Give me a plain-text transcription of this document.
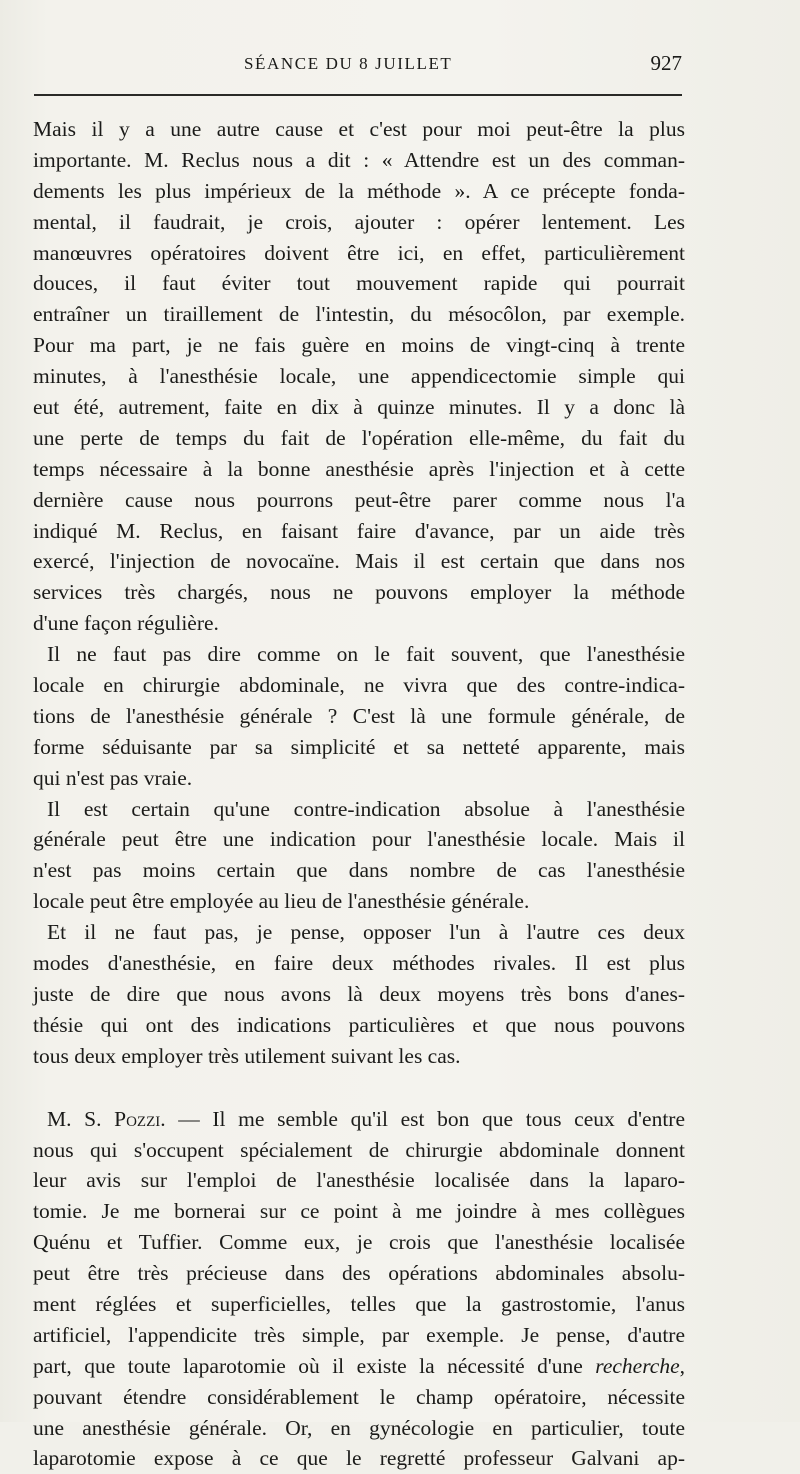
SÉANCE DU 8 JUILLET	927
Mais il y a une autre cause et c'est pour moi peut-être la plus
importante. M. Reclus nous a dit : « Attendre est un des comman-
dements les plus impérieux de la méthode ». A ce précepte fonda-
mental, il faudrait, je crois, ajouter : opérer lentement. Les
manœuvres opératoires doivent être ici, en effet, particulièrement
douces, il faut éviter tout mouvement rapide qui pourrait
entraîner un tiraillement de l'intestin, du mésocôlon, par exemple.
Pour ma part, je ne fais guère en moins de vingt-cinq à trente
minutes, à l'anesthésie locale, une appendicectomie simple qui
eut été, autrement, faite en dix à quinze minutes. Il y a donc là
une perte de temps du fait de l'opération elle-même, du fait du
temps nécessaire à la bonne anesthésie après l'injection et à cette
dernière cause nous pourrons peut-être parer comme nous l'a
indiqué M. Reclus, en faisant faire d'avance, par un aide très
exercé, l'injection de novocaïne. Mais il est certain que dans nos
services très chargés, nous ne pouvons employer la méthode
d'une façon régulière.
Il ne faut pas dire comme on le fait souvent, que l'anesthésie
locale en chirurgie abdominale, ne vivra que des contre-indica-
tions de l'anesthésie générale ? C'est là une formule générale, de
forme séduisante par sa simplicité et sa netteté apparente, mais
qui n'est pas vraie.
Il est certain qu'une contre-indication absolue à l'anesthésie
générale peut être une indication pour l'anesthésie locale. Mais il
n'est pas moins certain que dans nombre de cas l'anesthésie
locale peut être employée au lieu de l'anesthésie générale.
Et il ne faut pas, je pense, opposer l'un à l'autre ces deux
modes d'anesthésie, en faire deux méthodes rivales. Il est plus
juste de dire que nous avons là deux moyens très bons d'anes-
thésie qui ont des indications particulières et que nous pouvons
tous deux employer très utilement suivant les cas.
M. S. Pozzi. — Il me semble qu'il est bon que tous ceux d'entre
nous qui s'occupent spécialement de chirurgie abdominale donnent
leur avis sur l'emploi de l'anesthésie localisée dans la laparo-
tomie. Je me bornerai sur ce point à me joindre à mes collègues
Quénu et Tuffier. Comme eux, je crois que l'anesthésie localisée
peut être très précieuse dans des opérations abdominales absolu-
ment réglées et superficielles, telles que la gastrostomie, l'anus
artificiel, l'appendicite très simple, par exemple. Je pense, d'autre
part, que toute laparotomie où il existe la nécessité d'une recherche,
pouvant étendre considérablement le champ opératoire, nécessite
une anesthésie générale. Or, en gynécologie en particulier, toute
laparotomie expose à ce que le regretté professeur Galvani ap-
